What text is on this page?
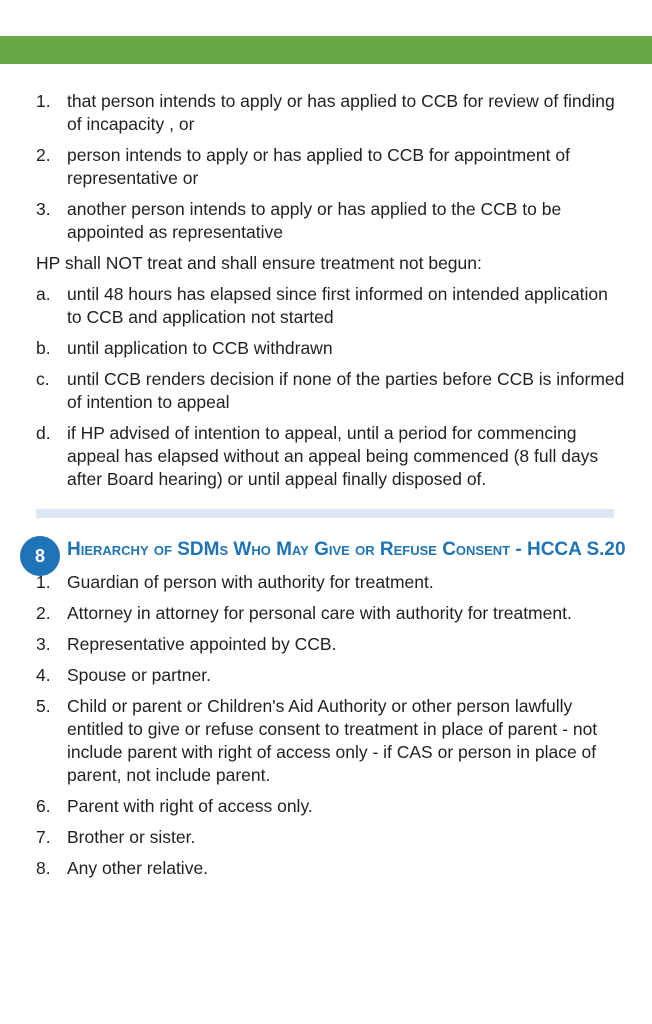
1. that person intends to apply or has applied to CCB for review of finding of incapacity , or
2. person intends to apply or has applied to CCB for appointment of representative or
3. another person intends to apply or has applied to the CCB to be appointed as representative

HP shall NOT treat and shall ensure treatment not begun:

a. until 48 hours has elapsed since first informed on intended application to CCB and application not started
b. until application to CCB withdrawn
c. until CCB renders decision if none of the parties before CCB is informed of intention to appeal
d. if HP advised of intention to appeal, until a period for commencing appeal has elapsed without an appeal being commenced (8 full days after Board hearing) or until appeal finally disposed of.
8	Hierarchy of SDMs Who May Give or Refuse Consent - HCCA S.20
1. Guardian of person with authority for treatment.
2. Attorney in attorney for personal care with authority for treatment.
3. Representative appointed by CCB.
4. Spouse or partner.
5. Child or parent or Children's Aid Authority or other person lawfully entitled to give or refuse consent to treatment in place of parent - not include parent with right of access only - if CAS or person in place of parent, not include parent.
6. Parent with right of access only.
7. Brother or sister.
8. Any other relative.
